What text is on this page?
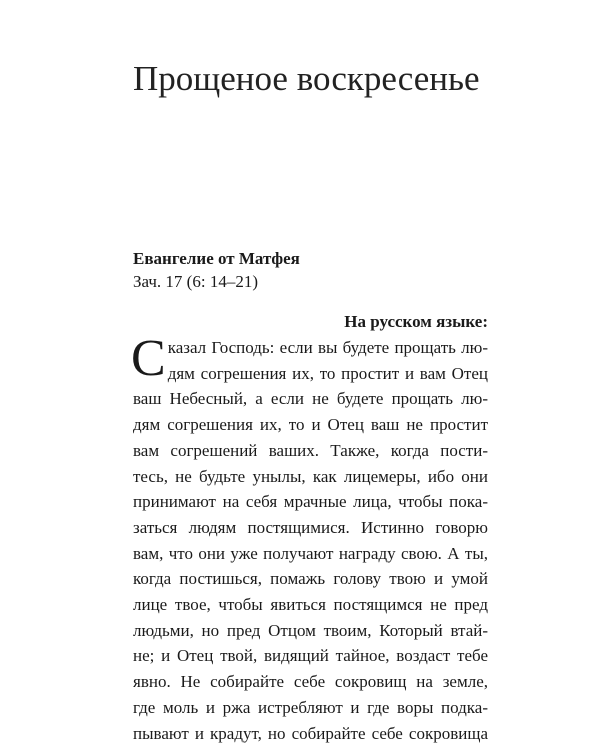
Прощеное воскресенье
Евангелие от Матфея
Зач. 17 (6: 14–21)
На русском языке:
С казал Господь: если вы будете прощать лю-
дям согрешения их, то простит и вам Отец
ваш Небесный, а если не будете прощать лю-
дям согрешения их, то и Отец ваш не простит
вам согрешений ваших. Также, когда пости-
тесь, не будьте унылы, как лицемеры, ибо они
принимают на себя мрачные лица, чтобы пока-
заться людям постящимися. Истинно говорю
вам, что они уже получают награду свою. А ты,
когда постишься, помажь голову твою и умой
лице твое, чтобы явиться постящимся не пред
людьми, но пред Отцом твоим, Который втай-
не; и Отец твой, видящий тайное, воздаст тебе
явно. Не собирайте себе сокровищ на земле,
где моль и ржа истребляют и где воры подка-
пывают и крадут, но собирайте себе сокровища
